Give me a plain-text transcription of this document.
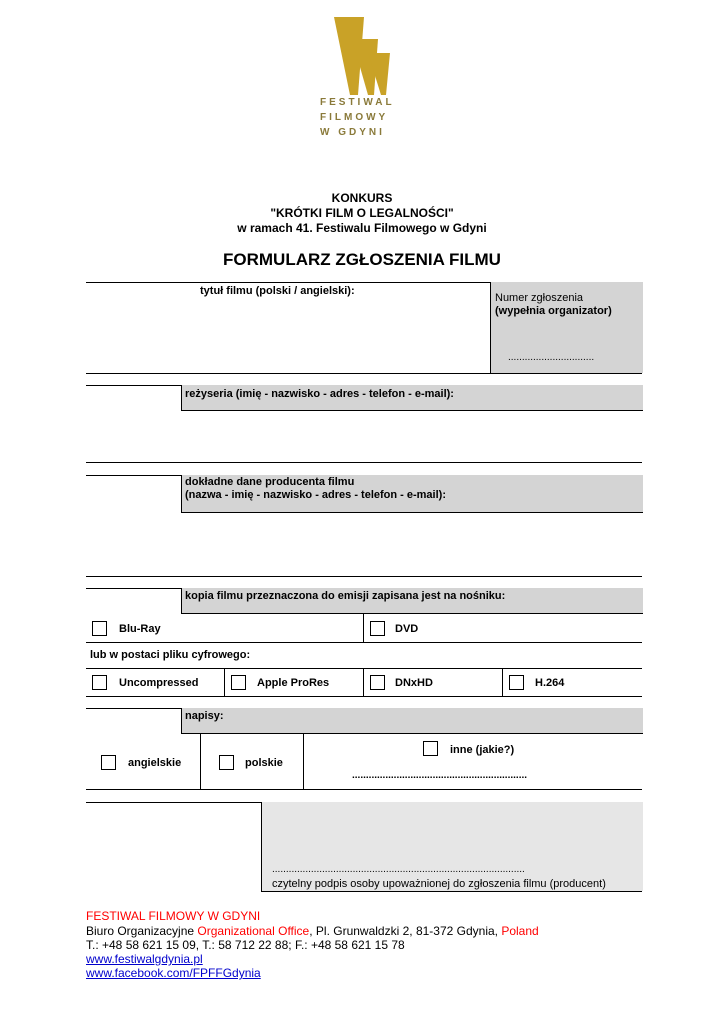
FESTIWAL
FILMOWY
W GDYNI
KONKURS
"KRÓTKI FILM O LEGALNOŚCI"
w ramach 41. Festiwalu Filmowego w Gdyni
FORMULARZ ZGŁOSZENIA FILMU
tytuł filmu (polski / angielski):
Numer zgłoszenia
(wypełnia organizator)
...............................
reżyseria (imię - nazwisko - adres - telefon - e-mail):
dokładne dane producenta filmu
(nazwa - imię - nazwisko - adres - telefon - e-mail):
kopia filmu przeznaczona do emisji zapisana jest na nośniku:
Blu-Ray	DVD
lub w postaci pliku cyfrowego:
Uncompressed	Apple ProRes	DNxHD	H.264
napisy:
angielskie	polskie
inne (jakie?)
...............................................................
...........................................................................................
czytelny podpis osoby upoważnionej do zgłoszenia filmu (producent)
FESTIWAL FILMOWY W GDYNI
Biuro Organizacyjne Organizational Office, Pl. Grunwaldzki 2, 81-372 Gdynia, Poland
T.: +48 58 621 15 09, T.: 58 712 22 88; F.: +48 58 621 15 78
www.festiwalgdynia.pl
www.facebook.com/FPFFGdynia
